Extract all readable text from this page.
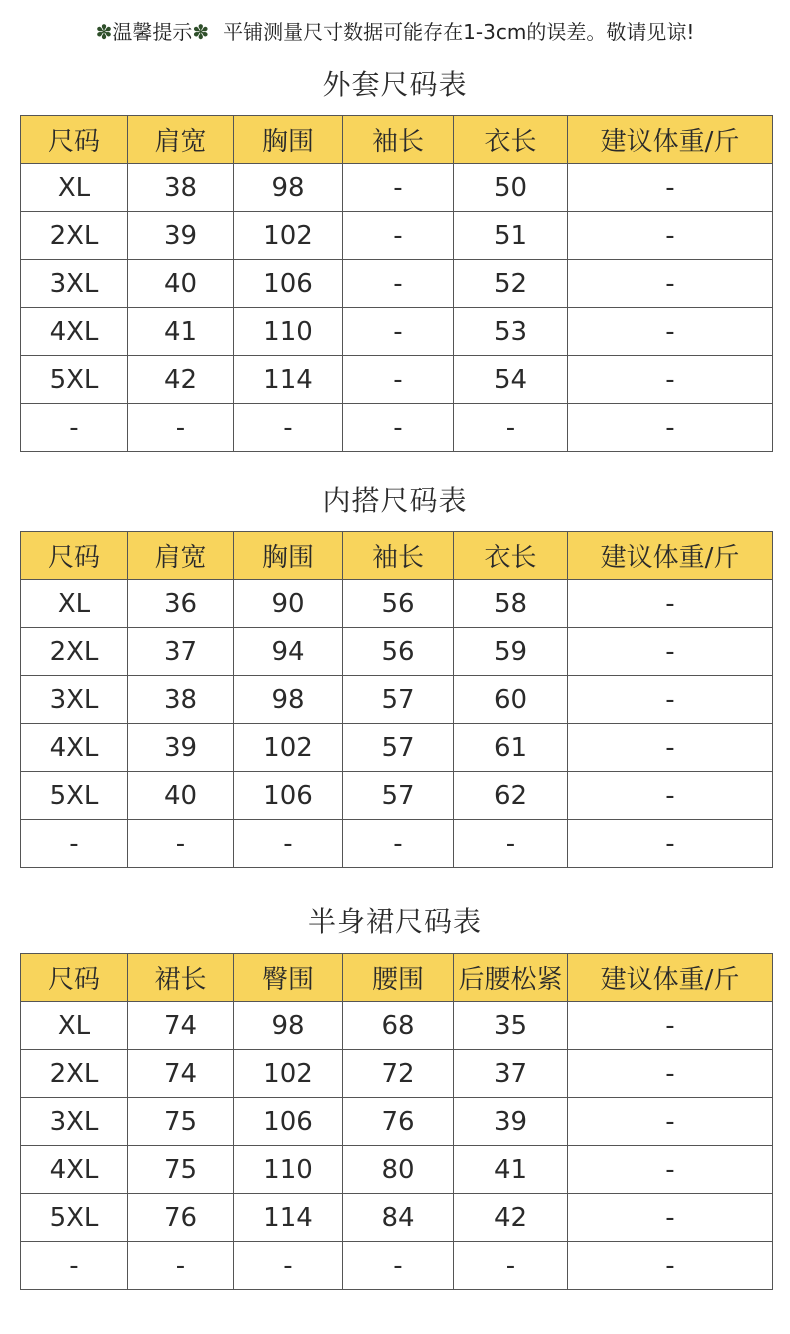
✽温馨提示✽ 平铺测量尺寸数据可能存在1-3cm的误差。敬请见谅!
外套尺码表
尺码	肩宽	胸围	袖长	衣长	建议体重/斤
XL	38	98	-	50	-
2XL	39	102	-	51	-
3XL	40	106	-	52	-
4XL	41	110	-	53	-
5XL	42	114	-	54	-
-	-	-	-	-	-
内搭尺码表
尺码	肩宽	胸围	袖长	衣长	建议体重/斤
XL	36	90	56	58	-
2XL	37	94	56	59	-
3XL	38	98	57	60	-
4XL	39	102	57	61	-
5XL	40	106	57	62	-
-	-	-	-	-	-
半身裙尺码表
尺码	裙长	臀围	腰围	后腰松紧	建议体重/斤
XL	74	98	68	35	-
2XL	74	102	72	37	-
3XL	75	106	76	39	-
4XL	75	110	80	41	-
5XL	76	114	84	42	-
-	-	-	-	-	-
